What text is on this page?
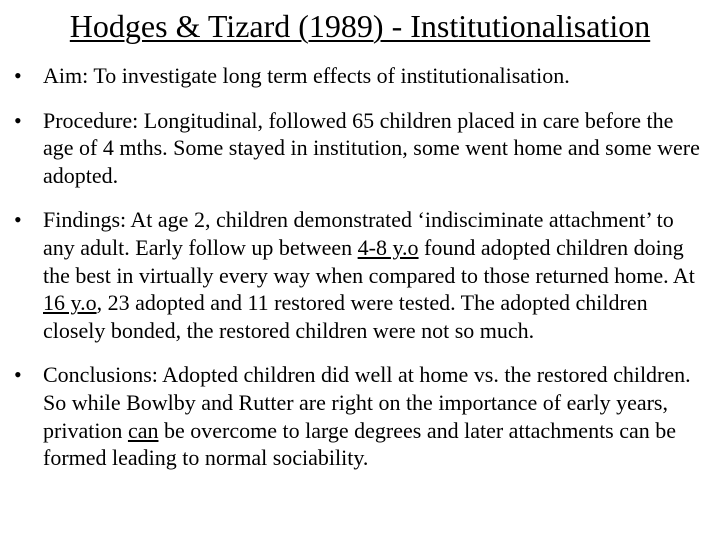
Hodges & Tizard (1989) - Institutionalisation
• Aim: To investigate long term effects of institutionalisation.
• Procedure: Longitudinal, followed 65 children placed in care before the age of 4 mths. Some stayed in institution, some went home and some were adopted.
• Findings: At age 2, children demonstrated ‘indisciminate attachment’ to any adult. Early follow up between 4-8 y.o found adopted children doing the best in virtually every way when compared to those returned home. At 16 y.o, 23 adopted and 11 restored were tested. The adopted children closely bonded, the restored children were not so much.
• Conclusions: Adopted children did well at home vs. the restored children. So while Bowlby and Rutter are right on the importance of early years, privation can be overcome to large degrees and later attachments can be formed leading to normal sociability.
